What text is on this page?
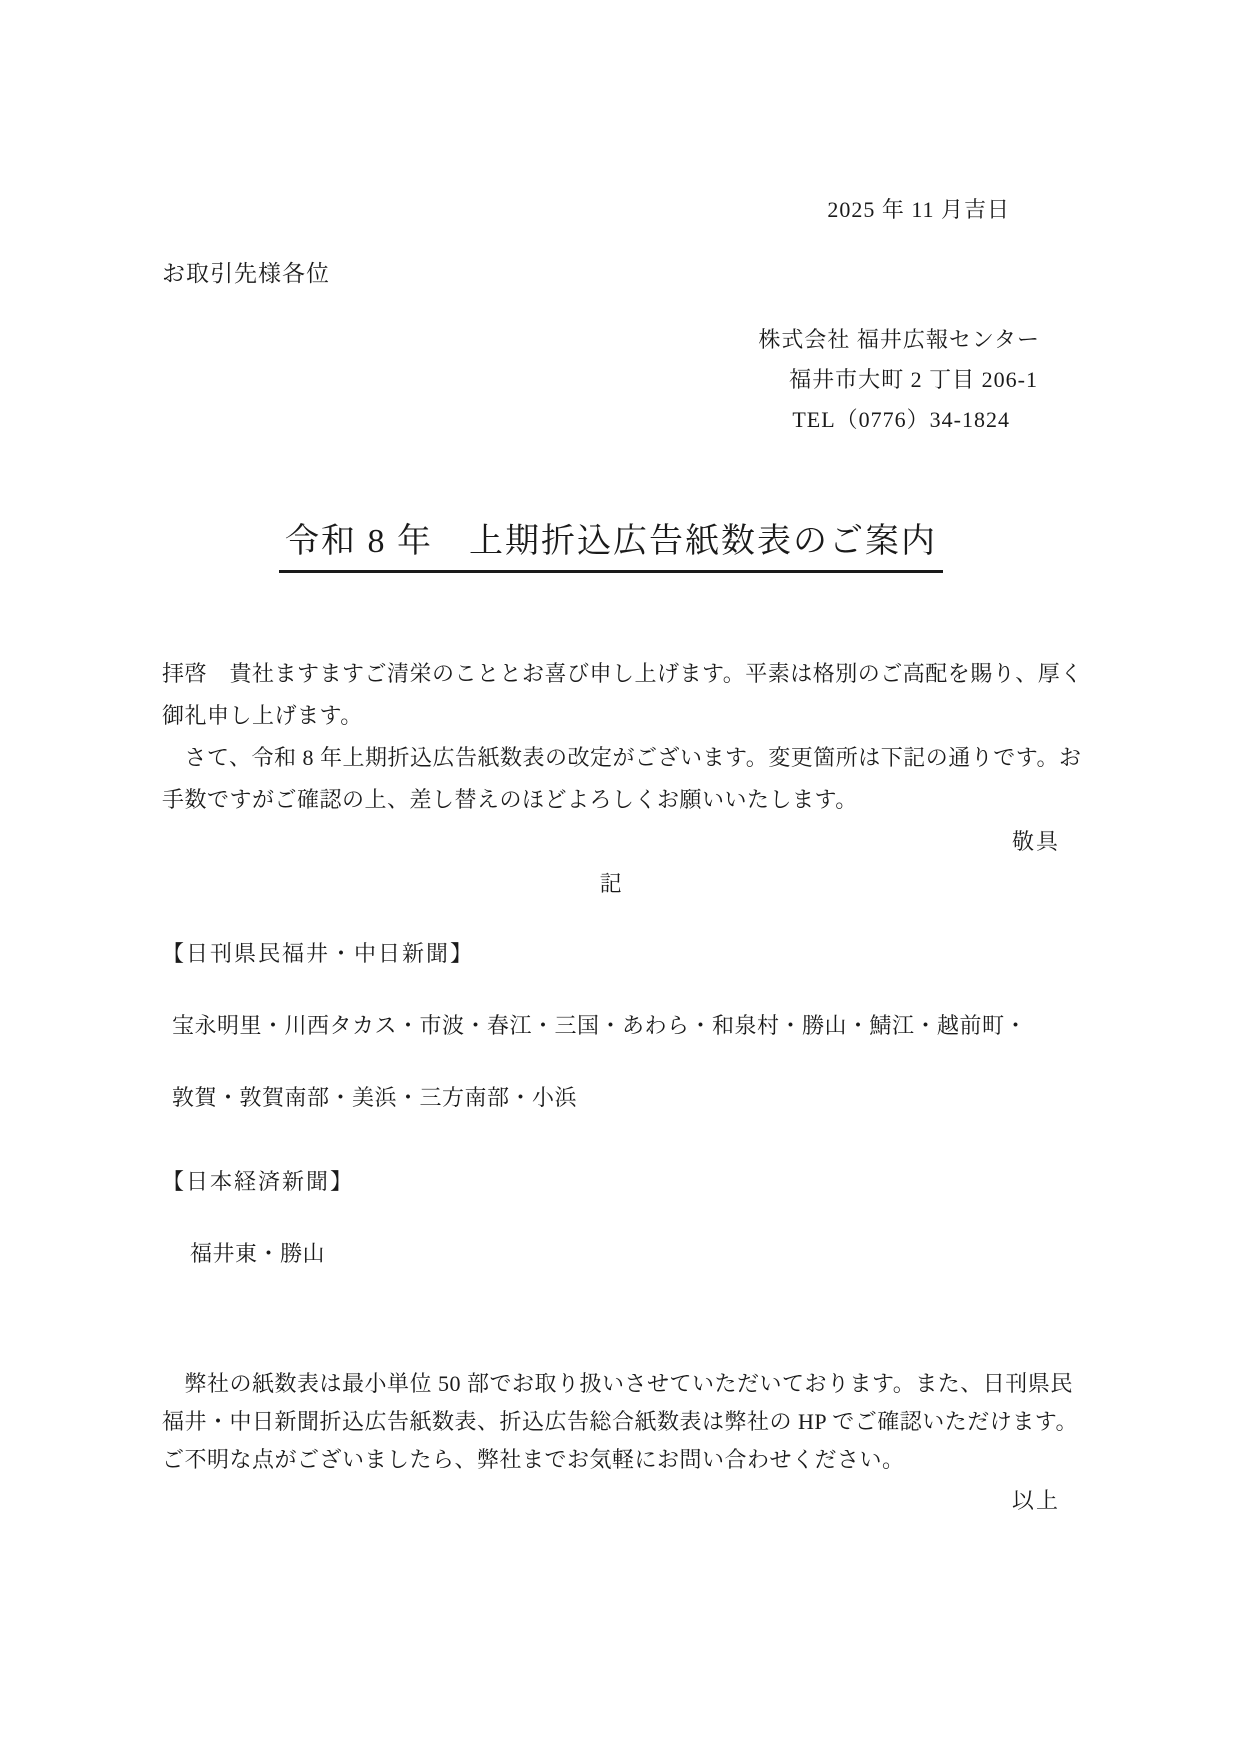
2025 年 11 月吉日
お取引先様各位
株式会社 福井広報センター
福井市大町 2 丁目 206-1
TEL（0776）34-1824
令和 8 年　上期折込広告紙数表のご案内
拝啓　貴社ますますご清栄のこととお喜び申し上げます。平素は格別のご高配を賜り、厚く
御礼申し上げます。
　さて、令和 8 年上期折込広告紙数表の改定がございます。変更箇所は下記の通りです。お
手数ですがご確認の上、差し替えのほどよろしくお願いいたします。
敬具
記
【日刊県民福井・中日新聞】
宝永明里・川西タカス・市波・春江・三国・あわら・和泉村・勝山・鯖江・越前町・
敦賀・敦賀南部・美浜・三方南部・小浜
【日本経済新聞】
福井東・勝山
　弊社の紙数表は最小単位 50 部でお取り扱いさせていただいております。また、日刊県民
福井・中日新聞折込広告紙数表、折込広告総合紙数表は弊社の HP でご確認いただけます。
ご不明な点がございましたら、弊社までお気軽にお問い合わせください。
以上
